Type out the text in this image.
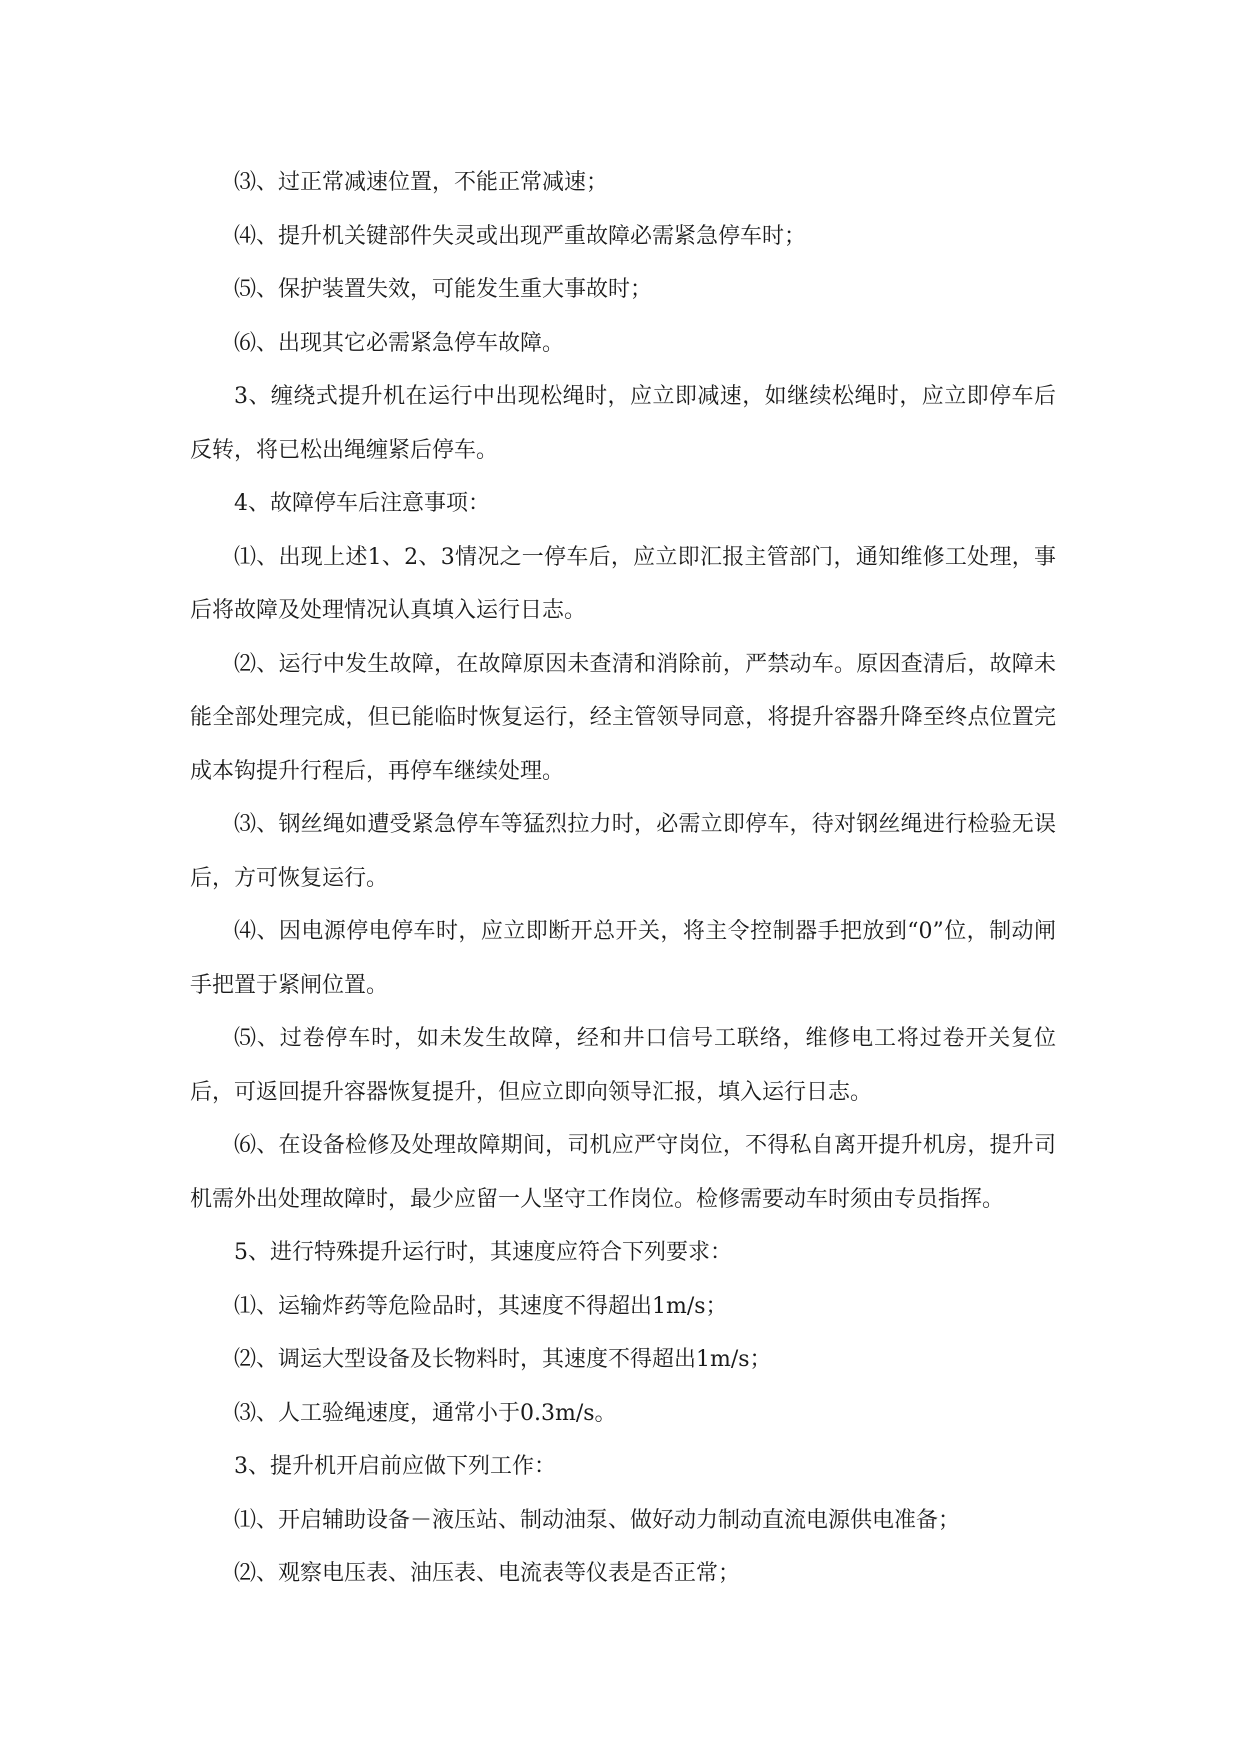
⑶、过正常减速位置，不能正常减速；

⑷、提升机关键部件失灵或出现严重故障必需紧急停车时；

⑸、保护装置失效，可能发生重大事故时；

⑹、出现其它必需紧急停车故障。

3、缠绕式提升机在运行中出现松绳时，应立即减速，如继续松绳时，应立即停车后反转，将已松出绳缠紧后停车。

4、故障停车后注意事项：

⑴、出现上述1、2、3情况之一停车后，应立即汇报主管部门，通知维修工处理，事后将故障及处理情况认真填入运行日志。

⑵、运行中发生故障，在故障原因未查清和消除前，严禁动车。原因查清后，故障未能全部处理完成，但已能临时恢复运行，经主管领导同意，将提升容器升降至终点位置完成本钩提升行程后，再停车继续处理。

⑶、钢丝绳如遭受紧急停车等猛烈拉力时，必需立即停车，待对钢丝绳进行检验无误后，方可恢复运行。

⑷、因电源停电停车时，应立即断开总开关，将主令控制器手把放到“0”位，制动闸手把置于紧闸位置。

⑸、过卷停车时，如未发生故障，经和井口信号工联络，维修电工将过卷开关复位后，可返回提升容器恢复提升，但应立即向领导汇报，填入运行日志。

⑹、在设备检修及处理故障期间，司机应严守岗位，不得私自离开提升机房，提升司机需外出处理故障时，最少应留一人坚守工作岗位。检修需要动车时须由专员指挥。

5、进行特殊提升运行时，其速度应符合下列要求：

⑴、运输炸药等危险品时，其速度不得超出1m/s；

⑵、调运大型设备及长物料时，其速度不得超出1m/s；

⑶、人工验绳速度，通常小于0.3m/s。

3、提升机开启前应做下列工作：

⑴、开启辅助设备－液压站、制动油泵、做好动力制动直流电源供电准备；

⑵、观察电压表、油压表、电流表等仪表是否正常；
